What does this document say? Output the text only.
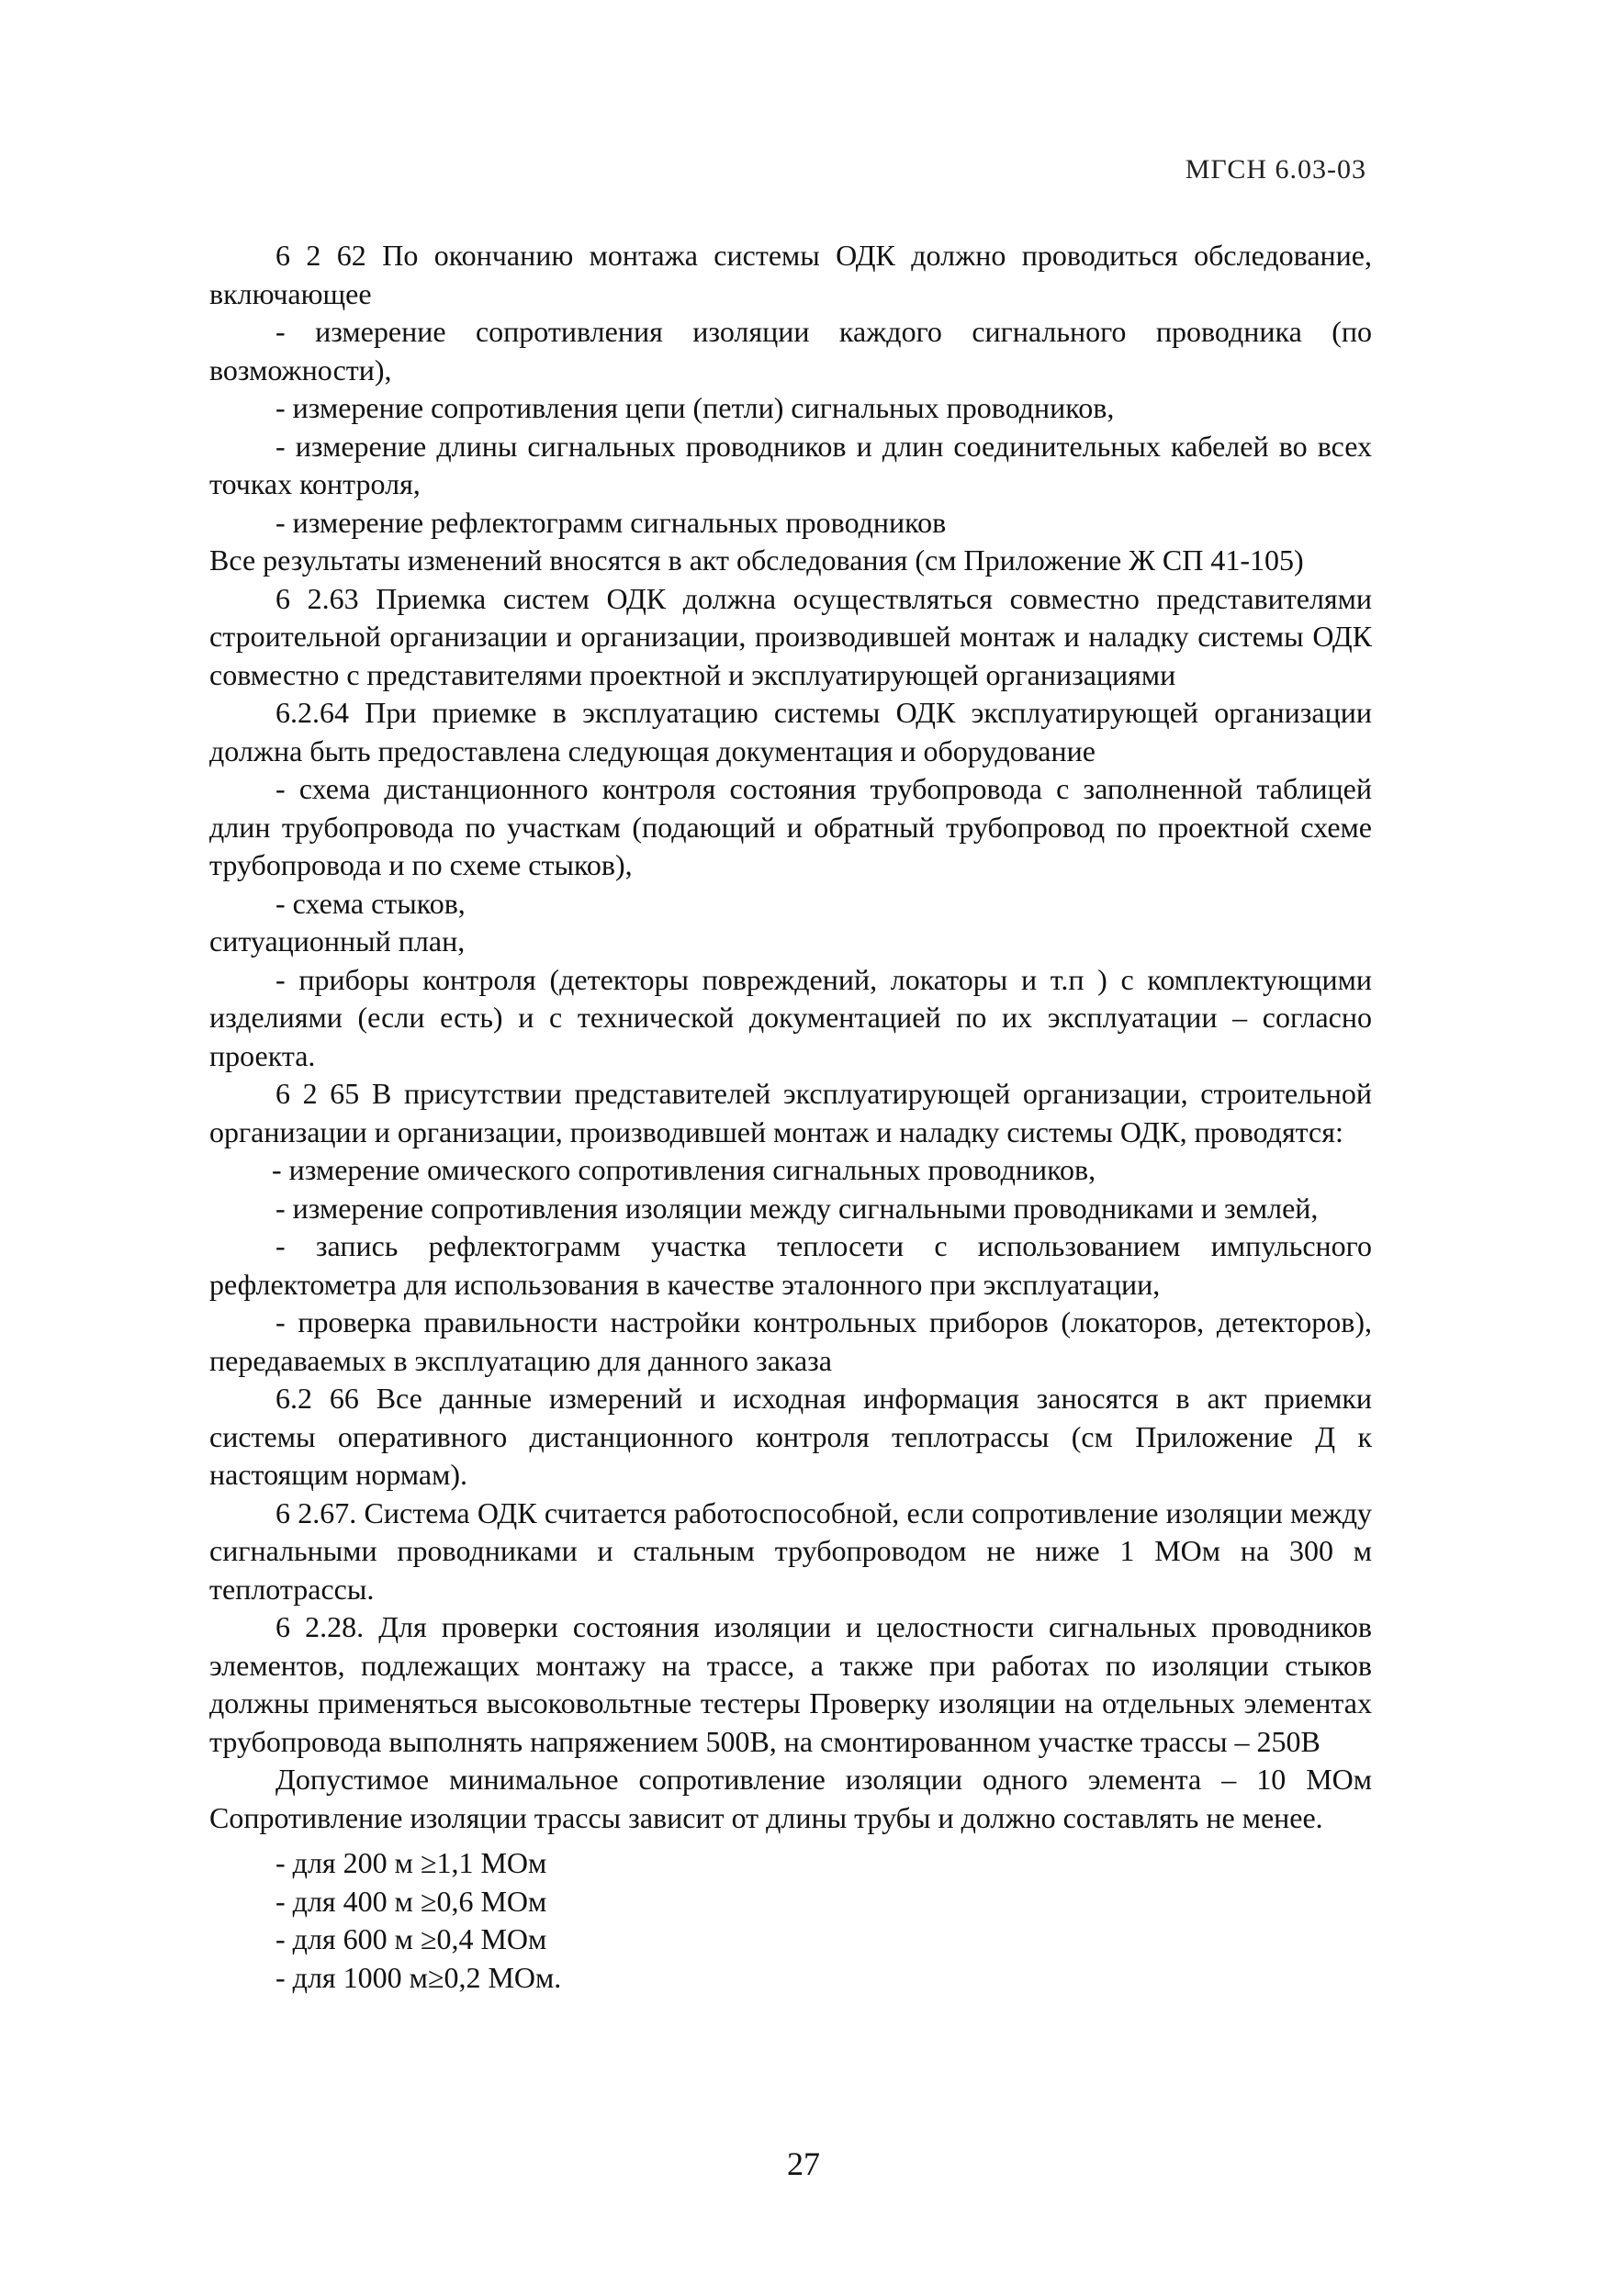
МГСН 6.03-03

6 2 62 По окончанию монтажа системы ОДК должно проводиться обследование, включающее

- измерение сопротивления изоляции каждого сигнального проводника (по возможности),

- измерение сопротивления цепи (петли) сигнальных проводников,

- измерение длины сигнальных проводников и длин соединительных кабелей во всех точках контроля,

- измерение рефлектограмм сигнальных проводников

Все результаты изменений вносятся в акт обследования (см Приложение Ж СП 41-105)

6 2.63 Приемка систем ОДК должна осуществляться совместно представителями строительной организации и организации, производившей монтаж и наладку системы ОДК совместно с представителями проектной и эксплуатирующей организациями

6.2.64 При приемке в эксплуатацию системы ОДК эксплуатирующей организации должна быть предоставлена следующая документация и оборудование

- схема дистанционного контроля состояния трубопровода с заполненной таблицей длин трубопровода по участкам (подающий и обратный трубопровод по проектной схеме трубопровода и по схеме стыков),

- схема стыков,

ситуационный план,

- приборы контроля (детекторы повреждений, локаторы и т.п ) с комплектующими изделиями (если есть) и с технической документацией по их эксплуатации – согласно проекта.

6 2 65 В присутствии представителей эксплуатирующей организации, строительной организации и организации, производившей монтаж и наладку системы ОДК, проводятся:

- измерение омического сопротивления сигнальных проводников,

- измерение сопротивления изоляции между сигнальными проводниками и землей,

- запись рефлектограмм участка теплосети с использованием импульсного рефлектометра для использования в качестве эталонного при эксплуатации,

- проверка правильности настройки контрольных приборов (локаторов, детекторов), передаваемых в эксплуатацию для данного заказа

6.2 66 Все данные измерений и исходная информация заносятся в акт приемки системы оперативного дистанционного контроля теплотрассы (см Приложение Д к настоящим нормам).

6 2.67. Система ОДК считается работоспособной, если сопротивление изоляции между сигнальными проводниками и стальным трубопроводом не ниже 1 МОм на 300 м теплотрассы.

6 2.28. Для проверки состояния изоляции и целостности сигнальных проводников элементов, подлежащих монтажу на трассе, а также при работах по изоляции стыков должны применяться высоковольтные тестеры Проверку изоляции на отдельных элементах трубопровода выполнять напряжением 500В, на смонтированном участке трассы – 250В

Допустимое минимальное сопротивление изоляции одного элемента – 10 МОм Сопротивление изоляции трассы зависит от длины трубы и должно составлять не менее.

- для 200 м ≥1,1 МОм
- для 400 м ≥0,6 МОм
- для 600 м ≥0,4 МОм
- для 1000 м≥0,2 МОм.
27
